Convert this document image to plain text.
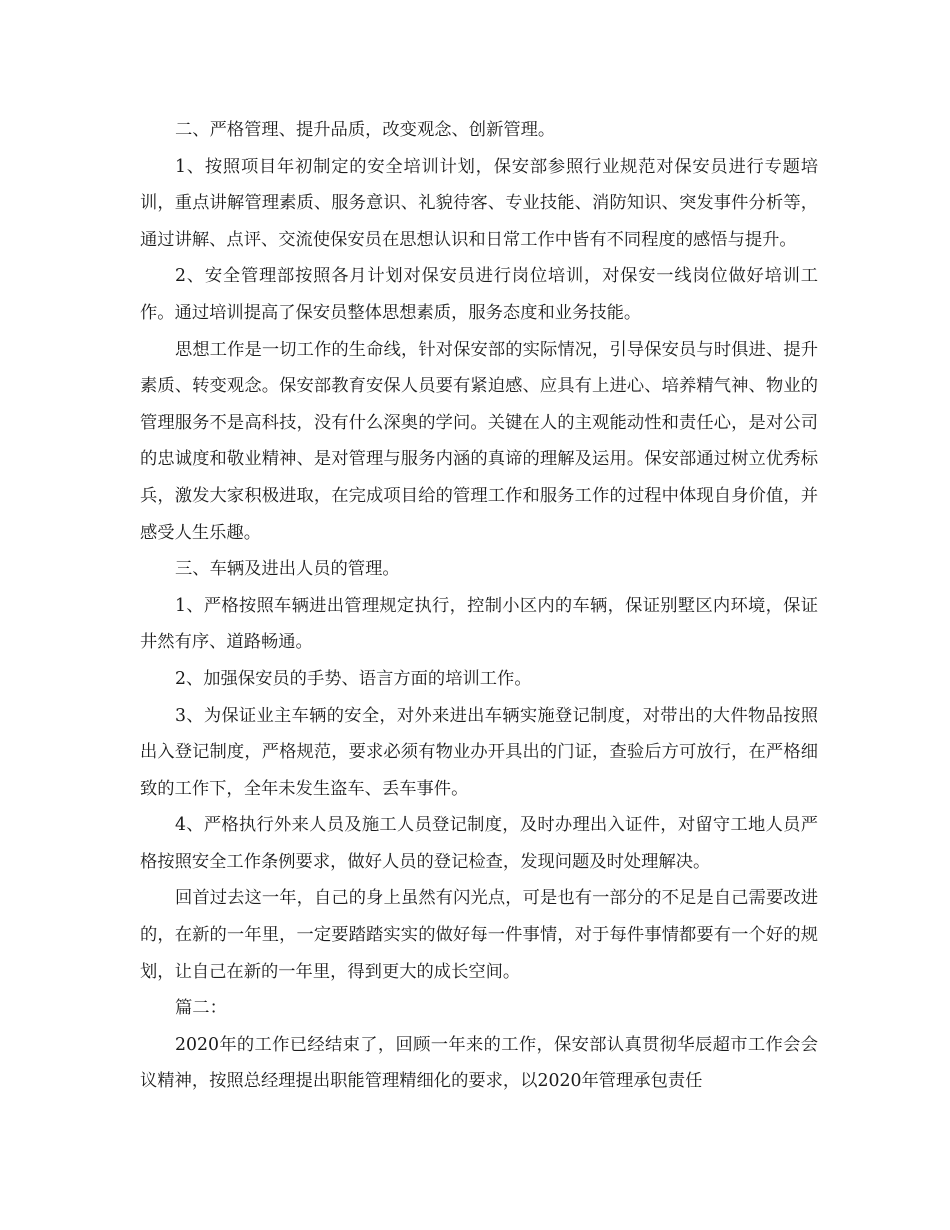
二、严格管理、提升品质，改变观念、创新管理。

1、按照项目年初制定的安全培训计划，保安部参照行业规范对保安员进行专题培训，重点讲解管理素质、服务意识、礼貌待客、专业技能、消防知识、突发事件分析等，通过讲解、点评、交流使保安员在思想认识和日常工作中皆有不同程度的感悟与提升。

2、安全管理部按照各月计划对保安员进行岗位培训，对保安一线岗位做好培训工作。通过培训提高了保安员整体思想素质，服务态度和业务技能。

思想工作是一切工作的生命线，针对保安部的实际情况，引导保安员与时俱进、提升素质、转变观念。保安部教育安保人员要有紧迫感、应具有上进心、培养精气神、物业的管理服务不是高科技，没有什么深奥的学问。关键在人的主观能动性和责任心，是对公司的忠诚度和敬业精神、是对管理与服务内涵的真谛的理解及运用。保安部通过树立优秀标兵，激发大家积极进取，在完成项目给的管理工作和服务工作的过程中体现自身价值，并感受人生乐趣。

三、车辆及进出人员的管理。

1、严格按照车辆进出管理规定执行，控制小区内的车辆，保证别墅区内环境，保证井然有序、道路畅通。

2、加强保安员的手势、语言方面的培训工作。

3、为保证业主车辆的安全，对外来进出车辆实施登记制度，对带出的大件物品按照出入登记制度，严格规范，要求必须有物业办开具出的门证，查验后方可放行，在严格细致的工作下，全年未发生盗车、丢车事件。

4、严格执行外来人员及施工人员登记制度，及时办理出入证件，对留守工地人员严格按照安全工作条例要求，做好人员的登记检查，发现问题及时处理解决。

回首过去这一年，自己的身上虽然有闪光点，可是也有一部分的不足是自己需要改进的，在新的一年里，一定要踏踏实实的做好每一件事情，对于每件事情都要有一个好的规划，让自己在新的一年里，得到更大的成长空间。

篇二：

2020年的工作已经结束了，回顾一年来的工作，保安部认真贯彻华辰超市工作会会议精神，按照总经理提出职能管理精细化的要求，以2020年管理承包责任
